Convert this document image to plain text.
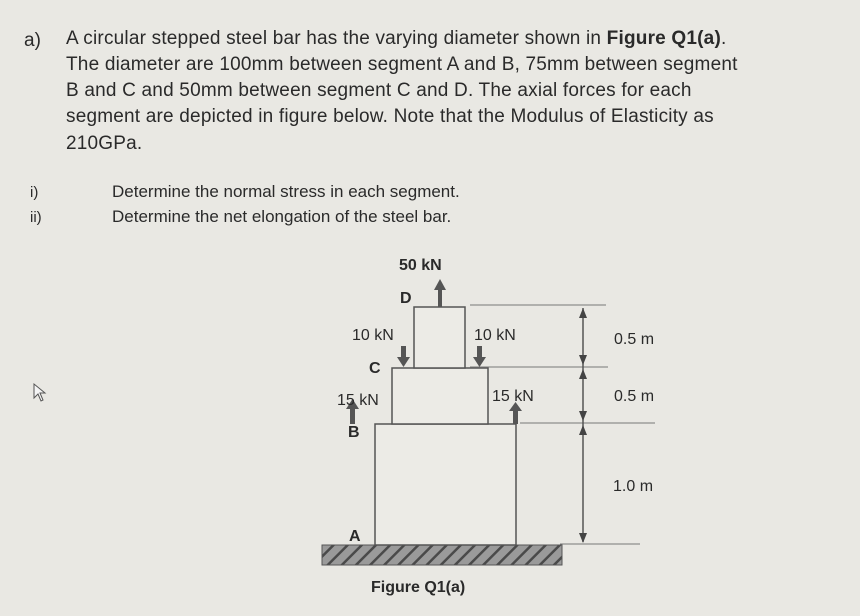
a) A circular stepped steel bar has the varying diameter shown in Figure Q1(a).
The diameter are 100mm between segment A and B, 75mm between segment
B and C and 50mm between segment C and D. The axial forces for each
segment are depicted in figure below. Note that the Modulus of Elasticity as
210GPa.
i)	Determine the normal stress in each segment.
ii)	Determine the net elongation of the steel bar.
50 kN
D
10 kN	10 kN
C
15 kN	15 kN
B
A
0.5 m
0.5 m
1.0 m
Figure Q1(a)
